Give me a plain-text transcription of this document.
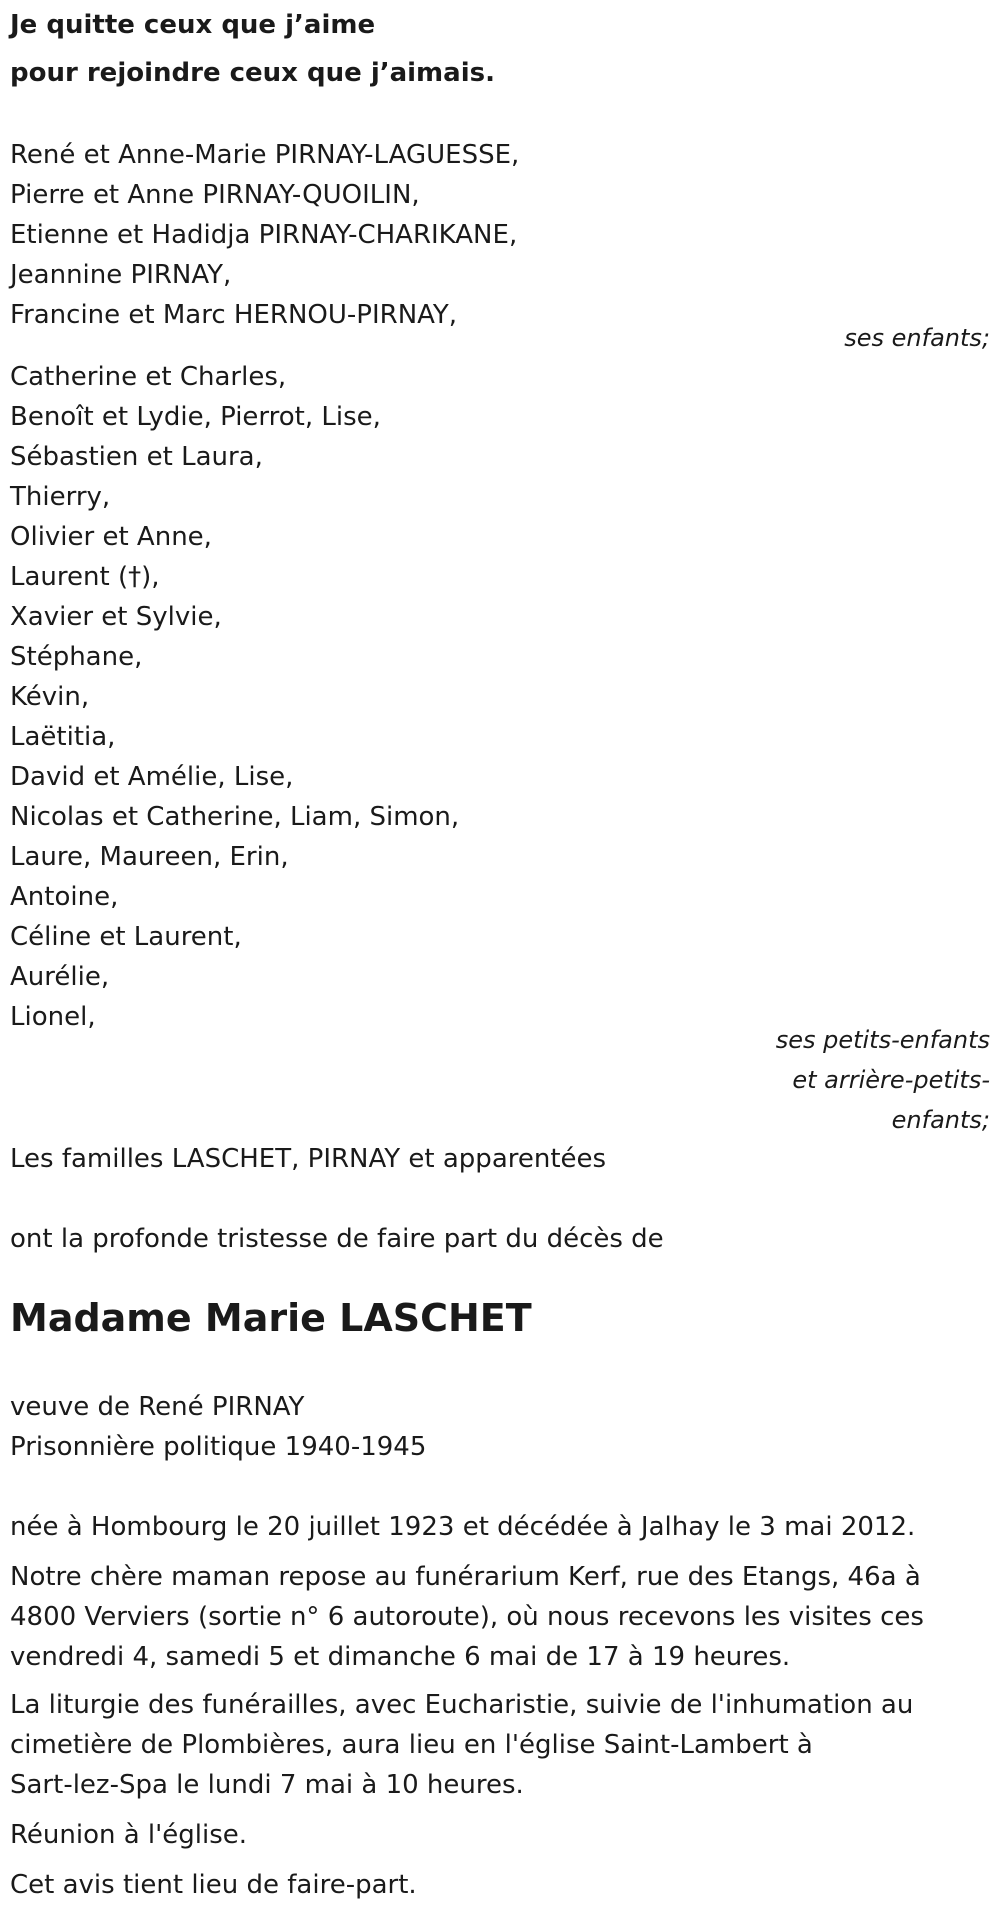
Je quitte ceux que j’aime
pour rejoindre ceux que j’aimais.
René et Anne-Marie PIRNAY-LAGUESSE,
Pierre et Anne PIRNAY-QUOILIN,
Etienne et Hadidja PIRNAY-CHARIKANE,
Jeannine PIRNAY,
Francine et Marc HERNOU-PIRNAY,
ses enfants;
Catherine et Charles,
Benoît et Lydie, Pierrot, Lise,
Sébastien et Laura,
Thierry,
Olivier et Anne,
Laurent (†),
Xavier et Sylvie,
Stéphane,
Kévin,
Laëtitia,
David et Amélie, Lise,
Nicolas et Catherine, Liam, Simon,
Laure, Maureen, Erin,
Antoine,
Céline et Laurent,
Aurélie,
Lionel,
ses petits-enfants
et arrière-petits-
enfants;
Les familles LASCHET, PIRNAY et apparentées
ont la profonde tristesse de faire part du décès de
Madame Marie LASCHET
veuve de René PIRNAY
Prisonnière politique 1940-1945
née à Hombourg le 20 juillet 1923 et décédée à Jalhay le 3 mai 2012.
Notre chère maman repose au funérarium Kerf, rue des Etangs, 46a à
4800 Verviers (sortie n° 6 autoroute), où nous recevons les visites ces
vendredi 4, samedi 5 et dimanche 6 mai de 17 à 19 heures.
La liturgie des funérailles, avec Eucharistie, suivie de l'inhumation au
cimetière de Plombières, aura lieu en l'église Saint-Lambert à
Sart-lez-Spa le lundi 7 mai à 10 heures.
Réunion à l'église.
Cet avis tient lieu de faire-part.
